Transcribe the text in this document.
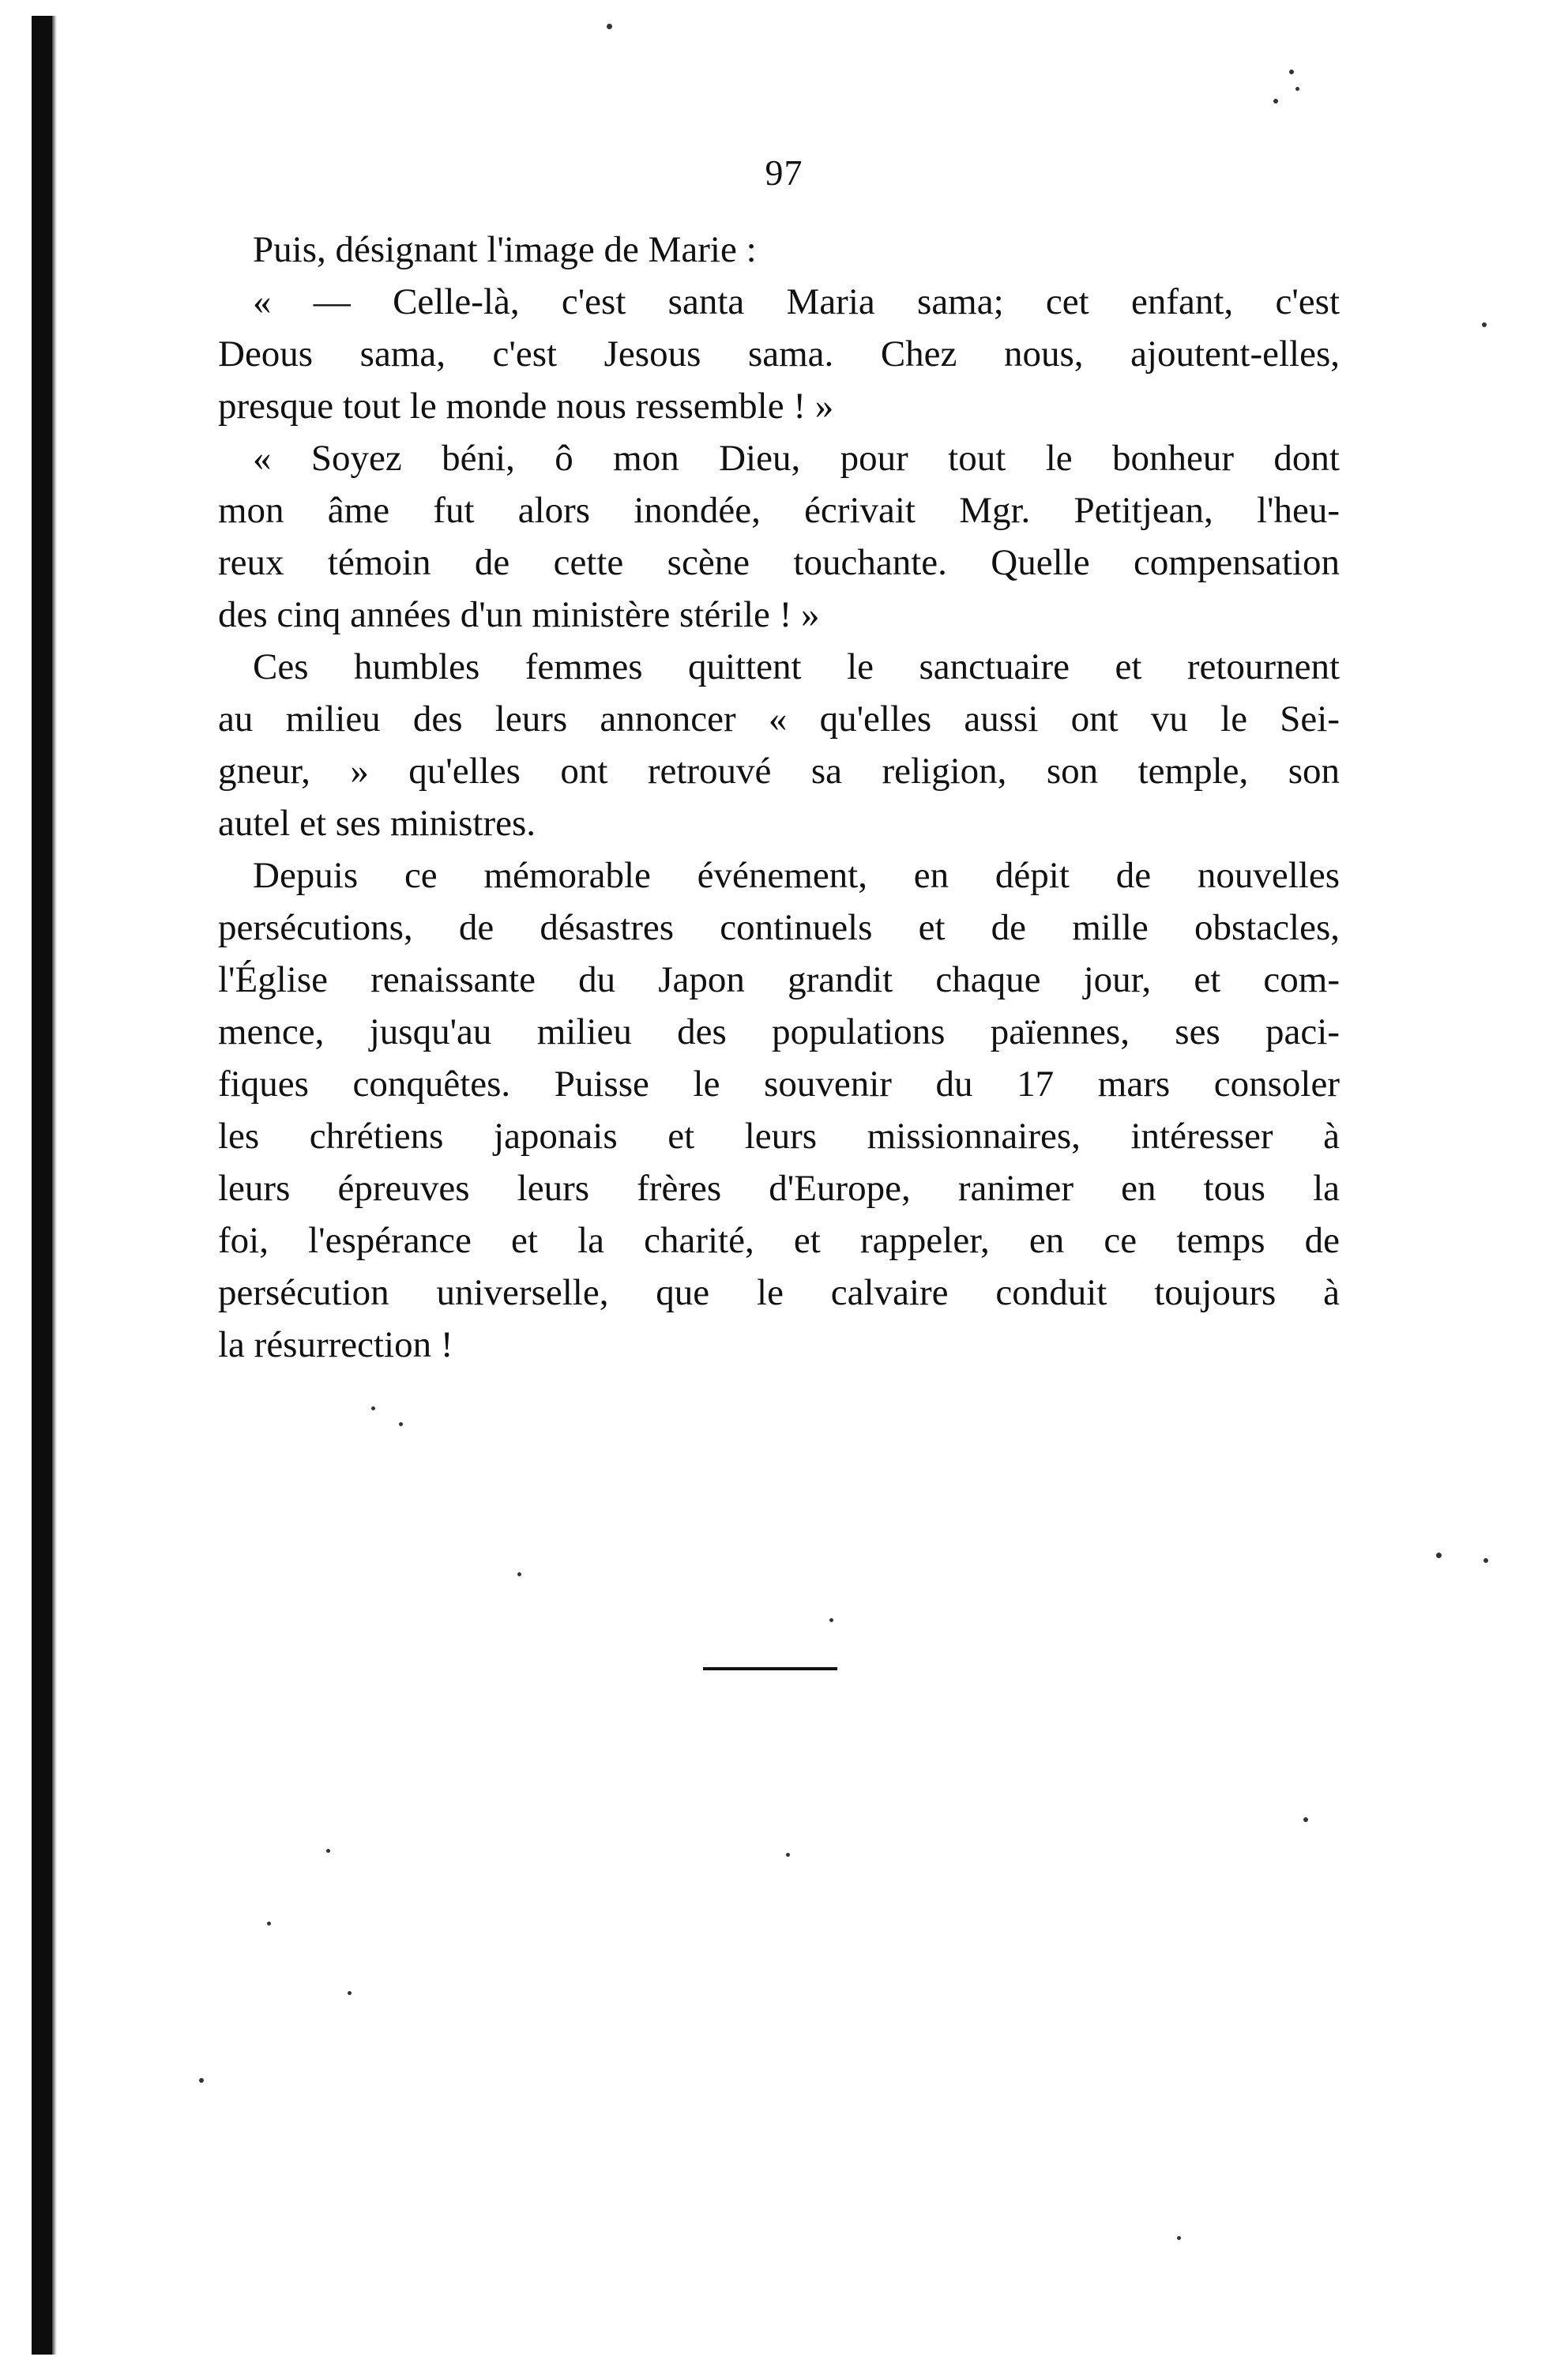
97

Puis, désignant l'image de Marie :

« — Celle-là, c'est santa Maria sama; cet enfant, c'est
Deous sama, c'est Jesous sama. Chez nous, ajoutent-elles,
presque tout le monde nous ressemble ! »

« Soyez béni, ô mon Dieu, pour tout le bonheur dont
mon âme fut alors inondée, écrivait Mgr. Petitjean, l'heu-
reux témoin de cette scène touchante. Quelle compensation
des cinq années d'un ministère stérile ! »

Ces humbles femmes quittent le sanctuaire et retournent
au milieu des leurs annoncer « qu'elles aussi ont vu le Sei-
gneur, » qu'elles ont retrouvé sa religion, son temple, son
autel et ses ministres.

Depuis ce mémorable événement, en dépit de nouvelles
persécutions, de désastres continuels et de mille obstacles,
l'Église renaissante du Japon grandit chaque jour, et com-
mence, jusqu'au milieu des populations païennes, ses paci-
fiques conquêtes. Puisse le souvenir du 17 mars consoler
les chrétiens japonais et leurs missionnaires, intéresser à
leurs épreuves leurs frères d'Europe, ranimer en tous la
foi, l'espérance et la charité, et rappeler, en ce temps de
persécution universelle, que le calvaire conduit toujours à
la résurrection !
